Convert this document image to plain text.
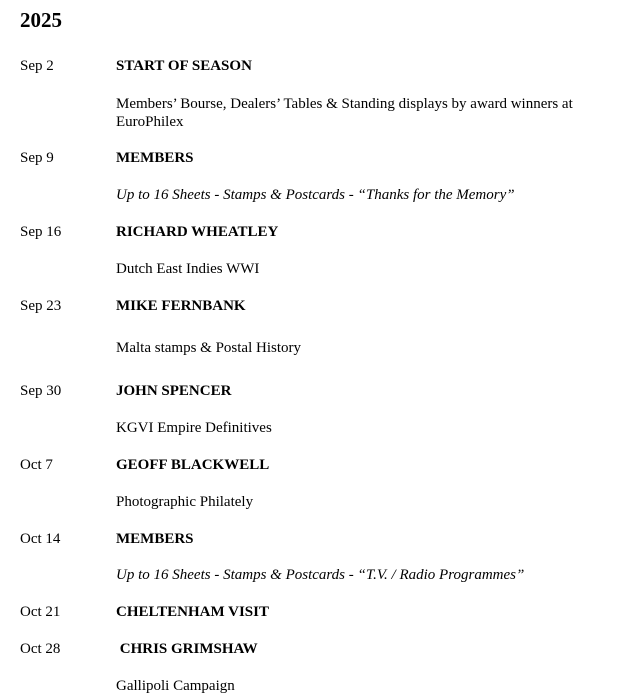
2025
Sep 2	START OF SEASON
Members’ Bourse, Dealers’ Tables & Standing displays by award winners at EuroPhilex
Sep 9	MEMBERS
Up to 16 Sheets - Stamps & Postcards - “Thanks for the Memory”
Sep 16	RICHARD WHEATLEY
Dutch East Indies WWI
Sep 23	MIKE FERNBANK
Malta stamps & Postal History
Sep 30	JOHN SPENCER
KGVI Empire Definitives
Oct 7	GEOFF BLACKWELL
Photographic Philately
Oct 14	MEMBERS
Up to 16 Sheets - Stamps & Postcards - “T.V. / Radio Programmes”
Oct 21	CHELTENHAM VISIT
Oct 28	CHRIS GRIMSHAW
Gallipoli Campaign
